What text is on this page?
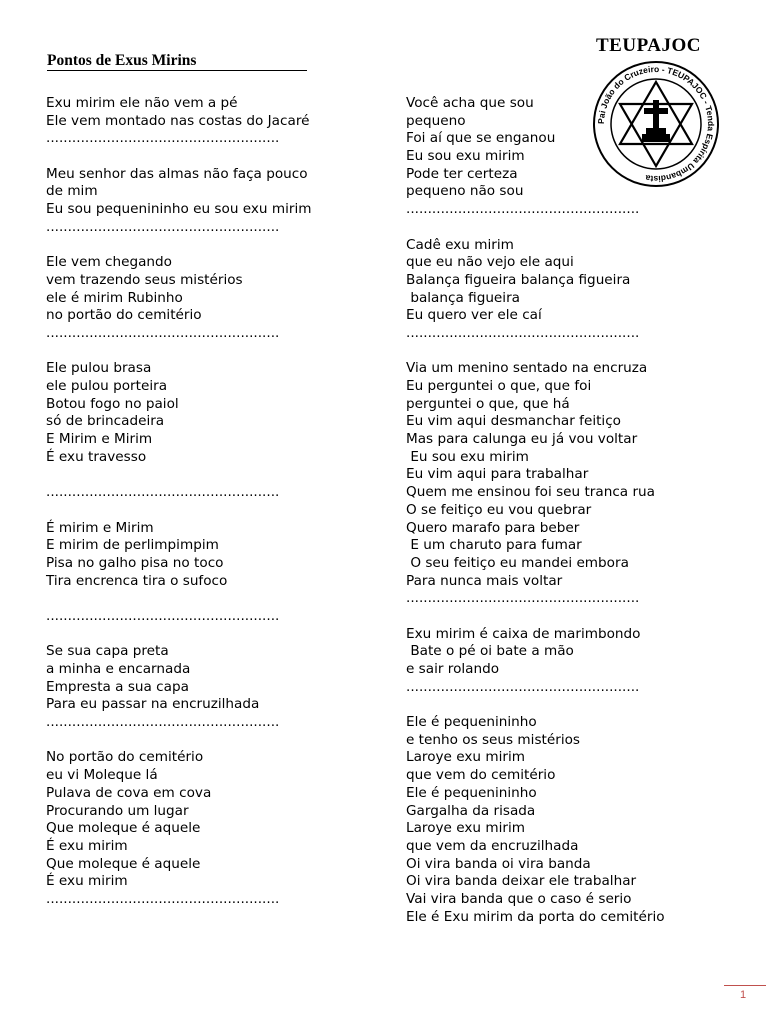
Pontos de Exus Mirins
TEUPAJOC
Pai João do Cruzeiro - TEUPAJOC - Tenda Espírita Umbandista
Exu mirim ele não vem a pé
Ele vem montado nas costas do Jacaré
......................................................
Meu senhor das almas não faça pouco
de mim
Eu sou pequenininho eu sou exu mirim
......................................................
Ele vem chegando
vem trazendo seus mistérios
ele é mirim Rubinho
no portão do cemitério
......................................................
Ele pulou brasa
ele pulou porteira
Botou fogo no paiol
só de brincadeira
E Mirim e Mirim
É exu travesso
......................................................
É mirim e Mirim
E mirim de perlimpimpim
Pisa no galho pisa no toco
Tira encrenca tira o sufoco
......................................................
Se sua capa preta
a minha e encarnada
Empresta a sua capa
Para eu passar na encruzilhada
......................................................
No portão do cemitério
eu vi Moleque lá
Pulava de cova em cova
Procurando um lugar
Que moleque é aquele
É exu mirim
Que moleque é aquele
É exu mirim
......................................................
Você acha que sou
pequeno
Foi aí que se enganou
Eu sou exu mirim
Pode ter certeza
pequeno não sou
......................................................
Cadê exu mirim
que eu não vejo ele aqui
Balança figueira balança figueira
balança figueira
Eu quero ver ele caí
......................................................
Via um menino sentado na encruza
Eu perguntei o que, que foi
perguntei o que, que há
Eu vim aqui desmanchar feitiço
Mas para calunga eu já vou voltar
Eu sou exu mirim
Eu vim aqui para trabalhar
Quem me ensinou foi seu tranca rua
O se feitiço eu vou quebrar
Quero marafo para beber
E um charuto para fumar
O seu feitiço eu mandei embora
Para nunca mais voltar
......................................................
Exu mirim é caixa de marimbondo
Bate o pé oi bate a mão
e sair rolando
......................................................
Ele é pequenininho
e tenho os seus mistérios
Laroye exu mirim
que vem do cemitério
Ele é pequenininho
Gargalha da risada
Laroye exu mirim
que vem da encruzilhada
Oi vira banda oi vira banda
Oi vira banda deixar ele trabalhar
Vai vira banda que o caso é serio
Ele é Exu mirim da porta do cemitério
1
